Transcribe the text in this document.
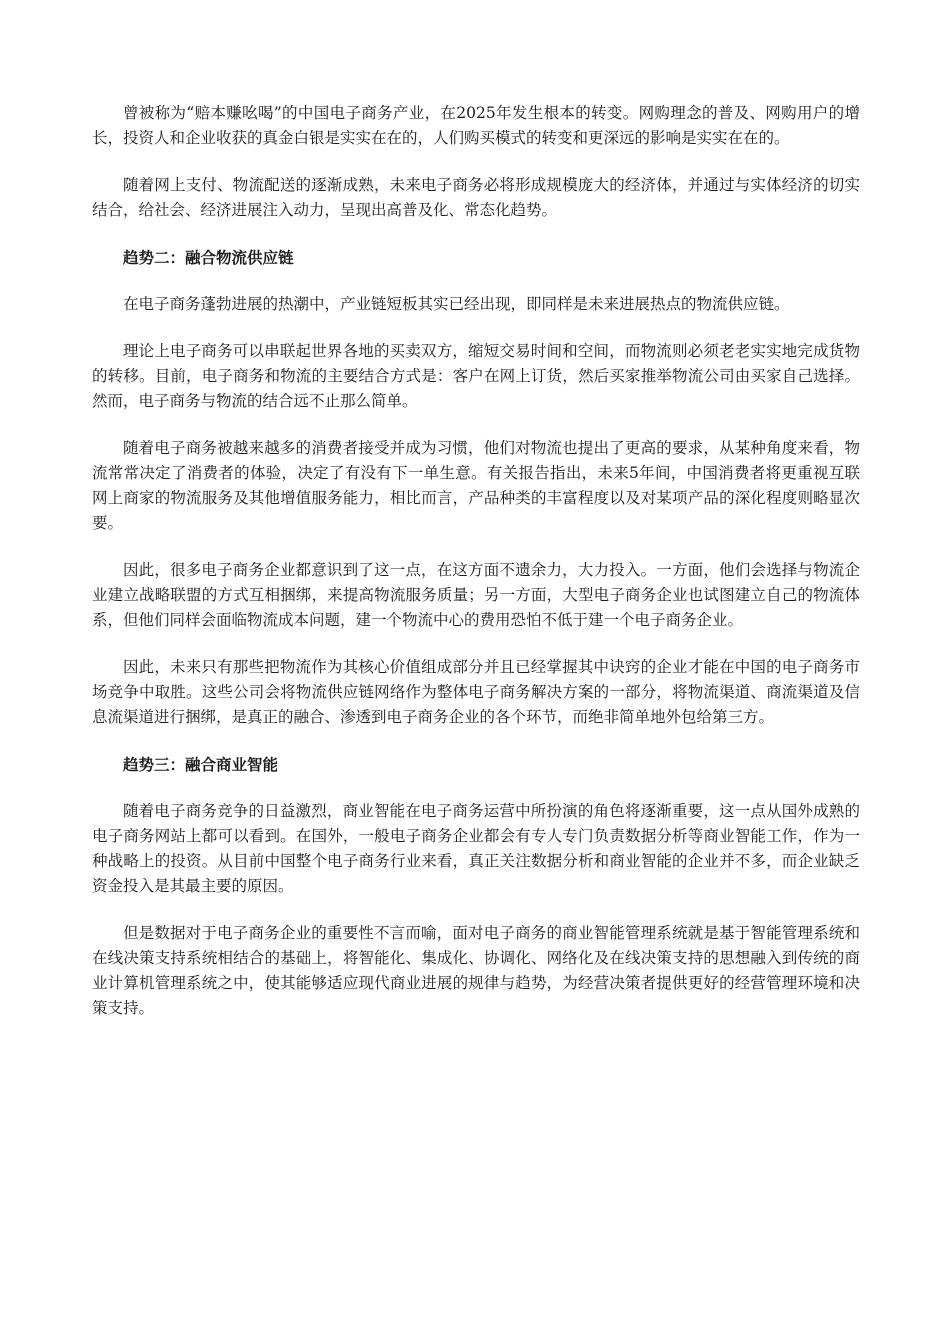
曾被称为“赔本赚吆喝”的中国电子商务产业，在2025年发生根本的转变。网购理念的普及、网购用户的增长，投资人和企业收获的真金白银是实实在在的，人们购买模式的转变和更深远的影响是实实在在的。

随着网上支付、物流配送的逐渐成熟，未来电子商务必将形成规模庞大的经济体，并通过与实体经济的切实结合，给社会、经济进展注入动力，呈现出高普及化、常态化趋势。

趋势二：融合物流供应链

在电子商务蓬勃进展的热潮中，产业链短板其实已经出现，即同样是未来进展热点的物流供应链。

理论上电子商务可以串联起世界各地的买卖双方，缩短交易时间和空间，而物流则必须老老实实地完成货物的转移。目前，电子商务和物流的主要结合方式是：客户在网上订货，然后买家推举物流公司由买家自己选择。然而，电子商务与物流的结合远不止那么简单。

随着电子商务被越来越多的消费者接受并成为习惯，他们对物流也提出了更高的要求，从某种角度来看，物流常常决定了消费者的体验，决定了有没有下一单生意。有关报告指出，未来5年间，中国消费者将更重视互联网上商家的物流服务及其他增值服务能力，相比而言，产品种类的丰富程度以及对某项产品的深化程度则略显次要。

因此，很多电子商务企业都意识到了这一点，在这方面不遗余力，大力投入。一方面，他们会选择与物流企业建立战略联盟的方式互相捆绑，来提高物流服务质量；另一方面，大型电子商务企业也试图建立自己的物流体系，但他们同样会面临物流成本问题，建一个物流中心的费用恐怕不低于建一个电子商务企业。

因此，未来只有那些把物流作为其核心价值组成部分并且已经掌握其中诀窍的企业才能在中国的电子商务市场竞争中取胜。这些公司会将物流供应链网络作为整体电子商务解决方案的一部分，将物流渠道、商流渠道及信息流渠道进行捆绑，是真正的融合、渗透到电子商务企业的各个环节，而绝非简单地外包给第三方。

趋势三：融合商业智能

随着电子商务竞争的日益激烈，商业智能在电子商务运营中所扮演的角色将逐渐重要，这一点从国外成熟的电子商务网站上都可以看到。在国外，一般电子商务企业都会有专人专门负责数据分析等商业智能工作，作为一种战略上的投资。从目前中国整个电子商务行业来看，真正关注数据分析和商业智能的企业并不多，而企业缺乏资金投入是其最主要的原因。

但是数据对于电子商务企业的重要性不言而喻，面对电子商务的商业智能管理系统就是基于智能管理系统和在线决策支持系统相结合的基础上，将智能化、集成化、协调化、网络化及在线决策支持的思想融入到传统的商业计算机管理系统之中，使其能够适应现代商业进展的规律与趋势，为经营决策者提供更好的经营管理环境和决策支持。
